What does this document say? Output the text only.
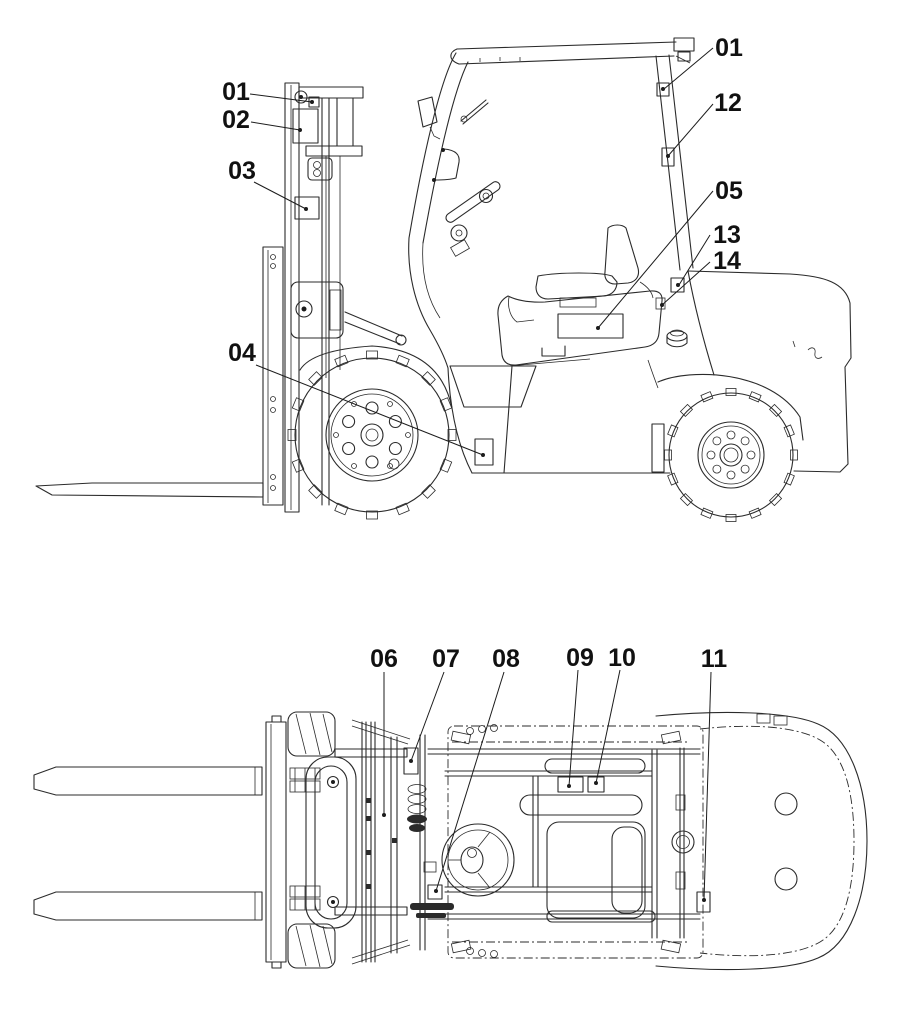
01
02
03
04
01
12
05
13
14
06 07 08 09 10	11
